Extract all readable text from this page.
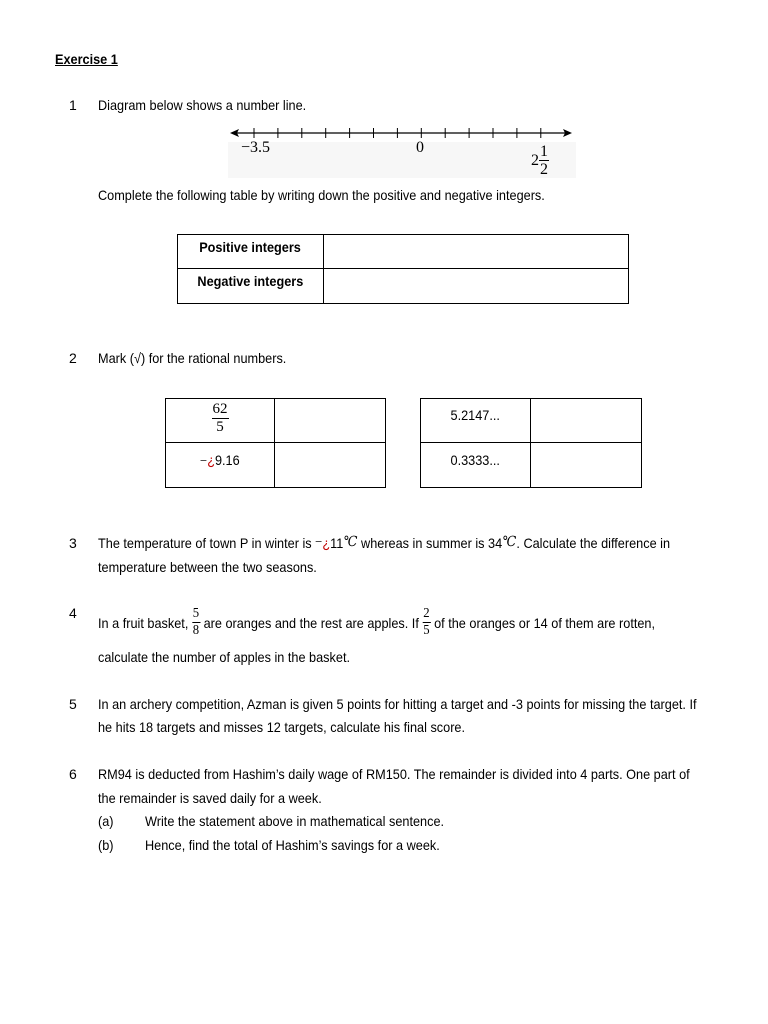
Exercise 1
1 Diagram below shows a number line.
−3.5	0
$2 \frac{1}{2}$
Complete the following table by writing down the positive and negative integers.
Positive integers	
Negative integers	
2 Mark (√) for the rational numbers.
$\frac{62}{5}$

−¿9.16	
5.2147...	
0.3333...	
3 The temperature of town P in winter is − ¿ 11 ℃ whereas in summer is 34 ℃ . Calculate the difference in
temperature between the two seasons.
4
In a fruit basket, $\frac{5}{8}$ are oranges and the rest are apples. If $\frac{2}{5}$ of the oranges or 14 of them are rotten,
calculate the number of apples in the basket.
5 In an archery competition, Azman is given 5 points for hitting a target and -3 points for missing the target. If
he hits 18 targets and misses 12 targets, calculate his final score.
6 RM94 is deducted from Hashim’s daily wage of RM150. The remainder is divided into 4 parts. One part of
the remainder is saved daily for a week.
(a) Write the statement above in mathematical sentence.
(b) Hence, find the total of Hashim’s savings for a week.
